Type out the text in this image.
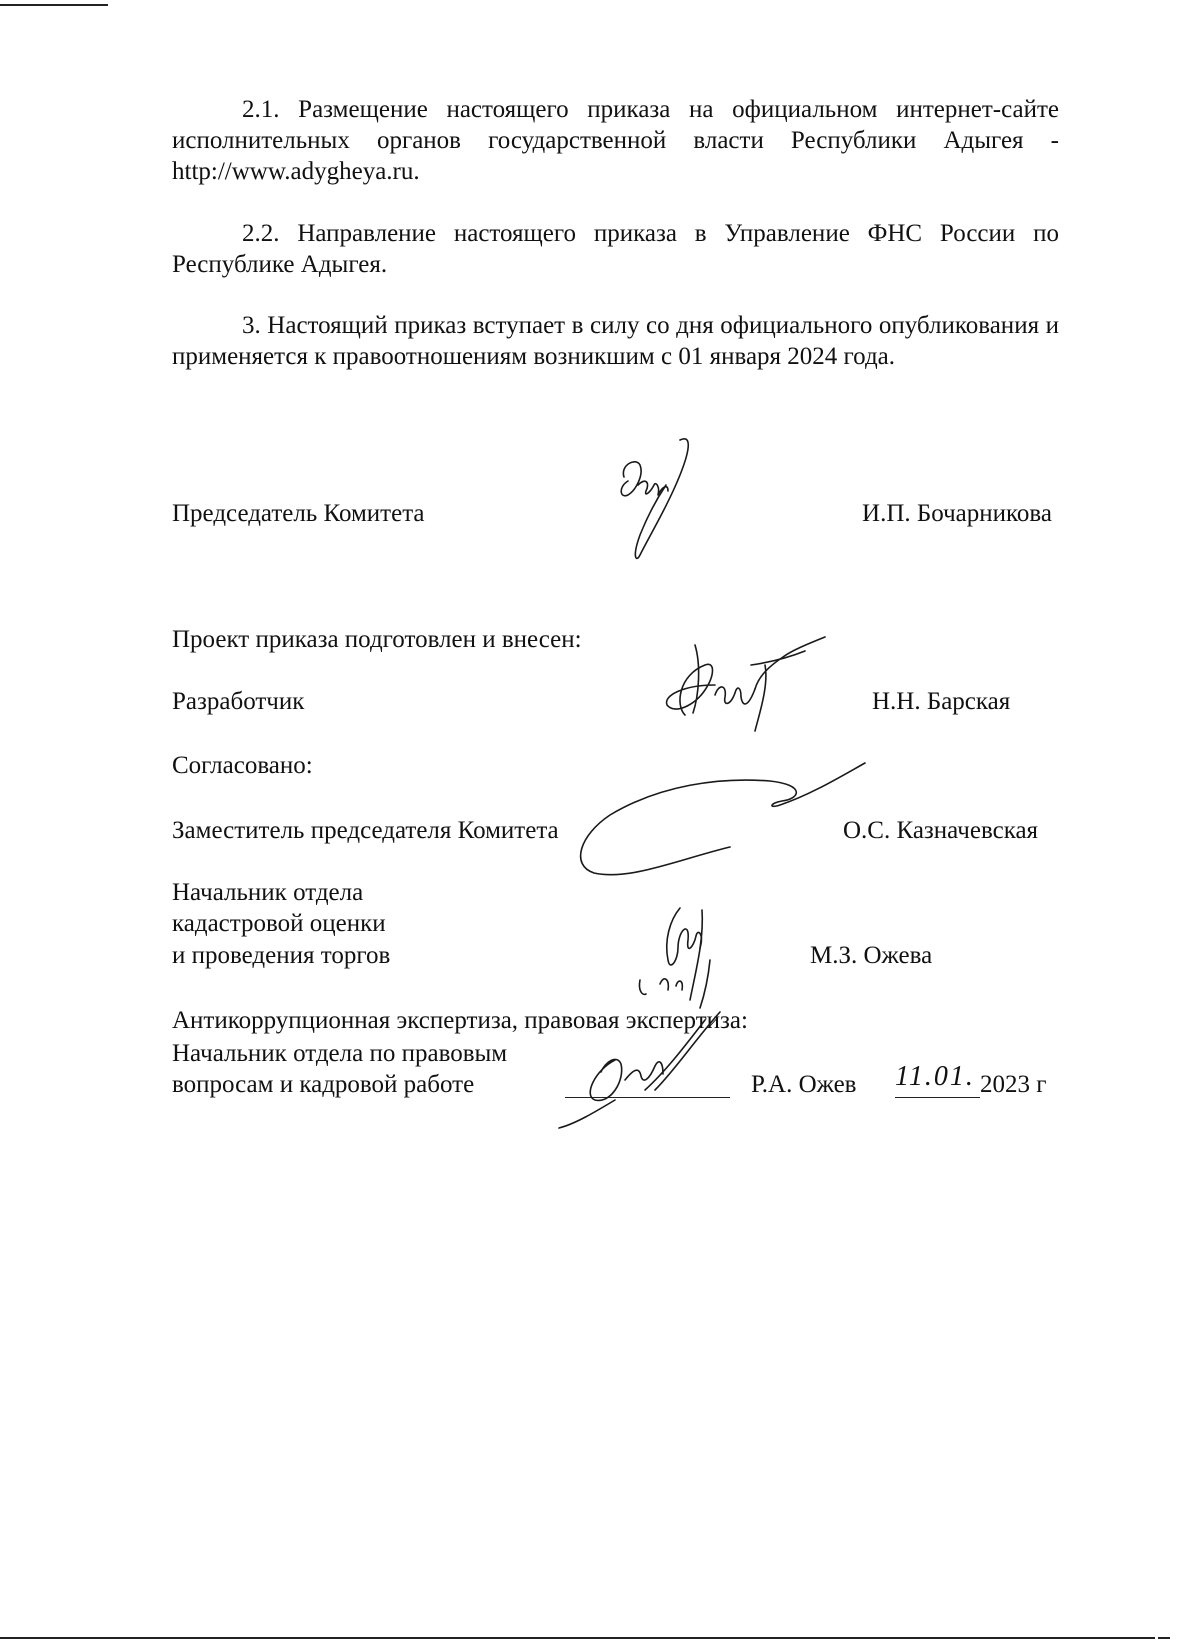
2.1. Размещение настоящего приказа на официальном интернет-сайте исполнительных органов государственной власти Республики Адыгея - http://www.adygheya.ru.

2.2. Направление настоящего приказа в Управление ФНС России по Республике Адыгея.

3. Настоящий приказ вступает в силу со дня официального опубликования и применяется к правоотношениям возникшим с 01 января 2024 года.

Председатель Комитета	И.П. Бочарникова
Проект приказа подготовлен и внесен:
Разработчик	Н.Н. Барская
Согласовано:
Заместитель председателя Комитета	О.С. Казначевская
Начальник отдела
кадастровой оценки
и проведения торгов	М.З. Ожева
Антикоррупционная экспертиза, правовая экспертиза:
Начальник отдела по правовым
вопросам и кадровой работе	Р.А. Ожев 11.01. 2023 г
